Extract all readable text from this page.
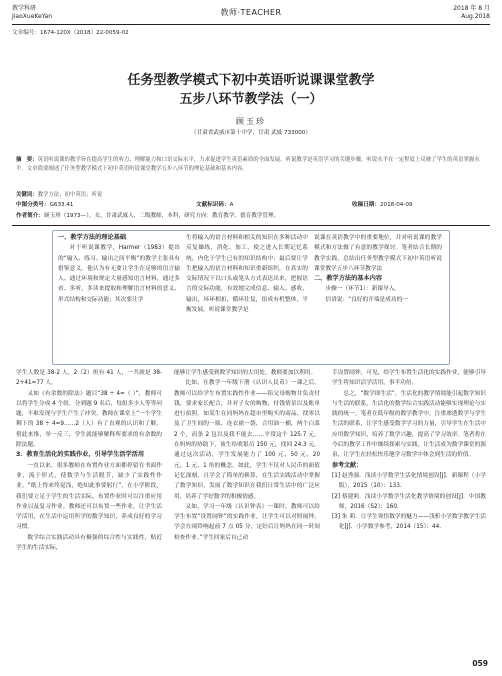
教学科研
JiaoXueKeYan	教师·TEACHER	2018 年 8 月
Aug.2018
文章编号：1674-120X（2018）22-0059-02
任务型教学模式下初中英语听说课课堂教学
五步八环节教学法（一）
顾玉珍
（甘肃省武威市第十中学，甘肃 武威 733000）
摘　要：英语听说课的教学旨在提高学生的听力、理解能力和口语交际水平，力求促进学生英语素质的全面发展。听说教学是英语学习的关键步骤，听说水平在一定程度上反映了学生的英语掌握水平。文章简要阐述了任务型教学模式下初中英语听说课堂教学五步八环节的理论基础和基本内容。
关键词：教学方法；初中英语；听说
中图分类号：G633.41	文献标识码：A	收稿日期：2018-04-09
作者简介：顾玉珍（1973—），女，甘肃武威人，二级教师，本科，研究方向：教育教学、德育教学管理。

一、教学方法的理论基础

对于听说课教学，Harmer（1983）提出的“输入、练习、输出之间平衡”的教学主张具有借鉴意义。他认为有无要让学生在足够的语言输入、通过环境和规定大量感知语言材料，通过多看、多听，多读来提取和理解语言材料的意义、形式结构和交际功能；其次要让学

生将输入的语言材料和相关的知识在多种活动中反复操练，消化、加工，使之进入长期记忆系统，内化于学生已有的知识结构中；最后要让学生把输入的语言材料和知识重新组织，在真实的交际情况下以口头或笔头方式表达出来，把握语言的交际功能，有效地完成信息、输入、感收、输出，环环相扣，循环往复，组成有机整体，平衡发展。听说课堂教学是

说课在英语教学中的重要地位，并对听说课的教学模式和方法做了有意的教学探讨。笔者结合长期的教学实践，总结出任务型教学模式下初中英语听说课堂教学五步八环节教学法

二、教学方法的基本内容

步骤一（环节1）：新课导入。

信讲说：“良好的开端是成功的一

学生人数是 38-2 人，2（2）班有 41 人，一共就是 38-2+41=77 人。

又如《有余数的除法》题目“38 ÷ 4=（ ）”，教师可以将学生分成 4 个组，分到题 9 名后，每组多少人等等问题，不难发现与学生产生了冲突，教师在课堂上“一个学生剩下的 38 ÷ 4=9……2（人）有了直观的认识和了解。借此来推，举一反三，学生就能够解释所要求的有余数的除法题。

3．教育生活化的实践作业，引导学生活学活用

一直以来，很多教师在布置作业方面都停留在书面作业，流于形式，使数学与生活脱节，缺少了实践性作业。“纸上得来终觉浅，绝知此事要躬行”，在小学阶段，我们要立足于学生的生活实际，布置作业时可以注重应用作业以及复习作业。教师还可以布置一些作业，让学生活学活用，在生活中运用所学的数学知识，养成良好的学习习惯。

数学综合实践活动具有极强的综合性与实践性，贴近学生的生活实际，

能够让学生感受到数学知识的大用处，教师要加以利用。

比如，在教学一年级下册《认识人民币》一课之后，教师可以给学生布置实践性作业——陪父母购物并负责付钱，要求家长配合，并对子女的购物、付钱情景以及账单进行拍照。如某生在同妈妈在超市里购买的商品、找零以及了卫生间的一瓶、连衣裙一袋，合用油一桶，两个白菜 2 个，而条 2 包以及我不能去……平常这个 125.7 元，在妈妈的协助下，该生给收银员 150 元，找回 24.3 元。通过这次活动，学生发展能力了 100 元、50 元、20 元、1 元、1 角的概念。如此，学生不仅对人民币的面值记忆深刻，且学会了简单的换算，在生活实践活动中掌握了数学知识，发展了数学知识在我们日常生活中的广泛应用，培养了学好数学的积极情感。

又如，学习一年级《认识钟表》一课时，教师可以给学生布置“设置闹钟”的实践作业，让学生可以对照闹钟，学会在闹铃响起前 7 点 05 分，定好后让妈妈在同一时间检查作业。”学生回家后自己动

手设置闹钟，可见，给学生布置生活化的实践作业，能够引导学生将知识活学活用，事半功倍。

总之，“数学即生活”，生活化的教学情境能引起数学知识与生活的联系，生活化的数学综合实践活动能够实现理论与实践的统一。笔者在低年级的数学教学中，注重渗透数学与学生生活的联系，让学生感受数学学习的力量，引导学生在生活中应用数学知识，培养了数学兴趣，提高了学习效率。笔者将在今后的教学工作中继续探索与实践，让生活成为数学课堂的源泉，让学生在轻松快乐地学习数学中体会到生活的价值。

参考文献：

[1] 赵秀强．浅谈小学数学生活化情境创设[J]．新课程（小学版），2015（10）：133.

[2] 蔡建莉．浅谈小学数学生活化教学情境的创设[J]．中国教师，2016（S2）：160.

[3] 朱 莉．让学生领悟数学的魅力——浅析小学数学教学生活化[J]．小学数学参考，2014（15）：44.

059
